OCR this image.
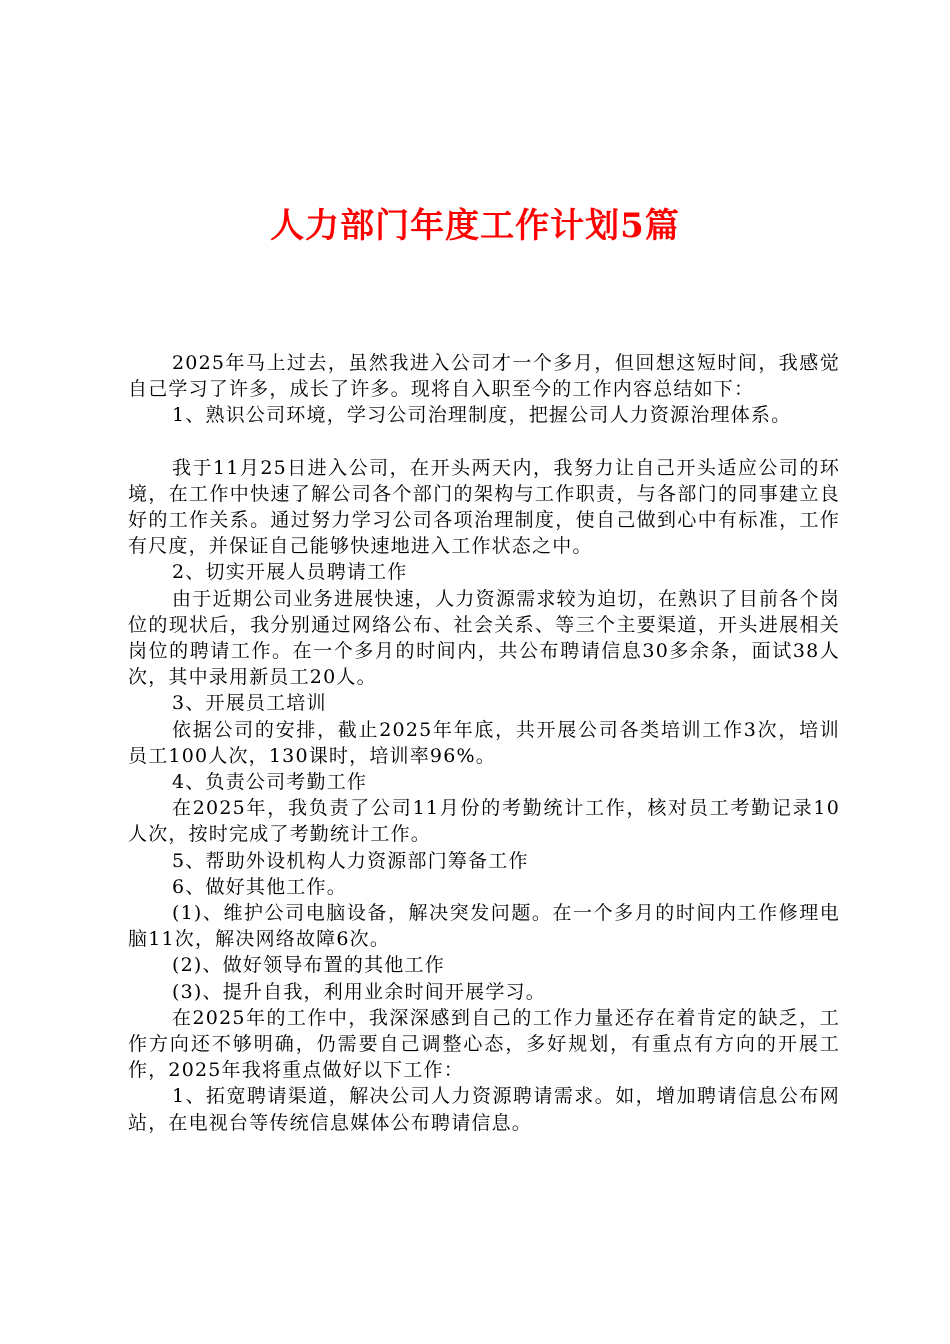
人力部门年度工作计划5篇

2025年马上过去，虽然我进入公司才一个多月，但回想这短时间，我感觉自己学习了许多，成长了许多。现将自入职至今的工作内容总结如下：

1、熟识公司环境，学习公司治理制度，把握公司人力资源治理体系。

我于11月25日进入公司，在开头两天内，我努力让自己开头适应公司的环境，在工作中快速了解公司各个部门的架构与工作职责，与各部门的同事建立良好的工作关系。通过努力学习公司各项治理制度，使自己做到心中有标准，工作有尺度，并保证自己能够快速地进入工作状态之中。

2、切实开展人员聘请工作

由于近期公司业务进展快速，人力资源需求较为迫切，在熟识了目前各个岗位的现状后，我分别通过网络公布、社会关系、等三个主要渠道，开头进展相关岗位的聘请工作。在一个多月的时间内，共公布聘请信息30多余条，面试38人次，其中录用新员工20人。

3、开展员工培训

依据公司的安排，截止2025年年底，共开展公司各类培训工作3次，培训员工100人次，130课时，培训率96%。

4、负责公司考勤工作

在2025年，我负责了公司11月份的考勤统计工作，核对员工考勤记录10人次，按时完成了考勤统计工作。

5、帮助外设机构人力资源部门筹备工作

6、做好其他工作。

(1)、维护公司电脑设备，解决突发问题。在一个多月的时间内工作修理电脑11次，解决网络故障6次。

(2)、做好领导布置的其他工作

(3)、提升自我，利用业余时间开展学习。

在2025年的工作中，我深深感到自己的工作力量还存在着肯定的缺乏，工作方向还不够明确，仍需要自己调整心态，多好规划，有重点有方向的开展工作，2025年我将重点做好以下工作：

1、拓宽聘请渠道，解决公司人力资源聘请需求。如，增加聘请信息公布网站，在电视台等传统信息媒体公布聘请信息。
